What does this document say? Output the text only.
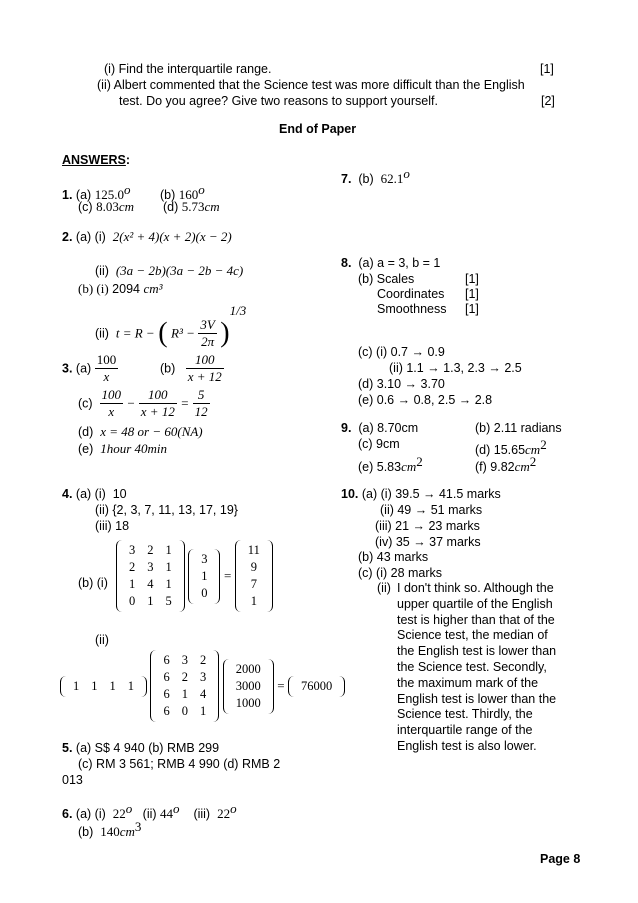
(i) Find the interquartile range.	[1]
(ii) Albert commented that the Science test was more difficult than the English
test. Do you agree? Give two reasons to support yourself.	[2]
End of Paper
ANSWERS:
1. (a) 125.0$^o$ (b) 160$^o$
(c) 8.03cm (d) 5.73cm
2. (a) (i) 2(x² + 4)(x + 2)(x − 2)
(ii) (3a − 2b)(3a − 2b − 4c)
(b) (i) 2094 cm³
(ii) t = R − ( $R^3 - \frac{3V}{2\pi} )^{1/3}$
3. $(a) \frac{100}{x}$	$(b) \frac{100}{x + 12}$
$(c) \frac{100}{x} - \frac{100}{x + 12} = \frac{5}{12}$
(d) x = 48 or − 60(NA)
(e) 1hour 40min
4. (a) (i) 10
(ii) {2, 3, 7, 11, 13, 17, 19}
(iii) 18
(b) (i)
3	2	1
2	3	1
1	4	1
0	1	5

3
1
0
=
11
9
7
1
(ii)
1	1	1	1

6	3	2
6	2	3
6	1	4
6	0	1

2000
3000
1000
= 76000
5. (a) S$ 4 940 (b) RMB 299
(c) RM 3 561; RMB 4 990 (d) RMB 2
013
6. (a) (i) 22$^o$ (ii) 44$^o$ (iii) 22$^o$
(b) $140cm^3$
7. (b) 62.1$^o$
8. (a) a = 3, b = 1
(b) Scales	[1]
Coordinates [1]
Smoothness [1]
(c) (i) 0.7 → 0.9
(ii) 1.1 → 1.3, 2.3 → 2.5
(d) 3.10 → 3.70
(e) 0.6 → 0.8, 2.5 → 2.8
9. (a) 8.70cm	(b) 2.11 radians
(c) 9cm	(d) $15.65cm^2$
(e) $5.83cm^2$	(f) $9.82cm^2$
10. (a) (i) 39.5 → 41.5 marks
(ii) 49 → 51 marks
(iii) 21 → 23 marks
(iv) 35 → 37 marks
(b) 43 marks
(c) (i) 28 marks
(ii) I don't think so. Although the
upper quartile of the English
test is higher than that of the
Science test, the median of
the English test is lower than
the Science test. Secondly,
the maximum mark of the
English test is lower than the
Science test. Thirdly, the
interquartile range of the
English test is also lower.
Page 8
